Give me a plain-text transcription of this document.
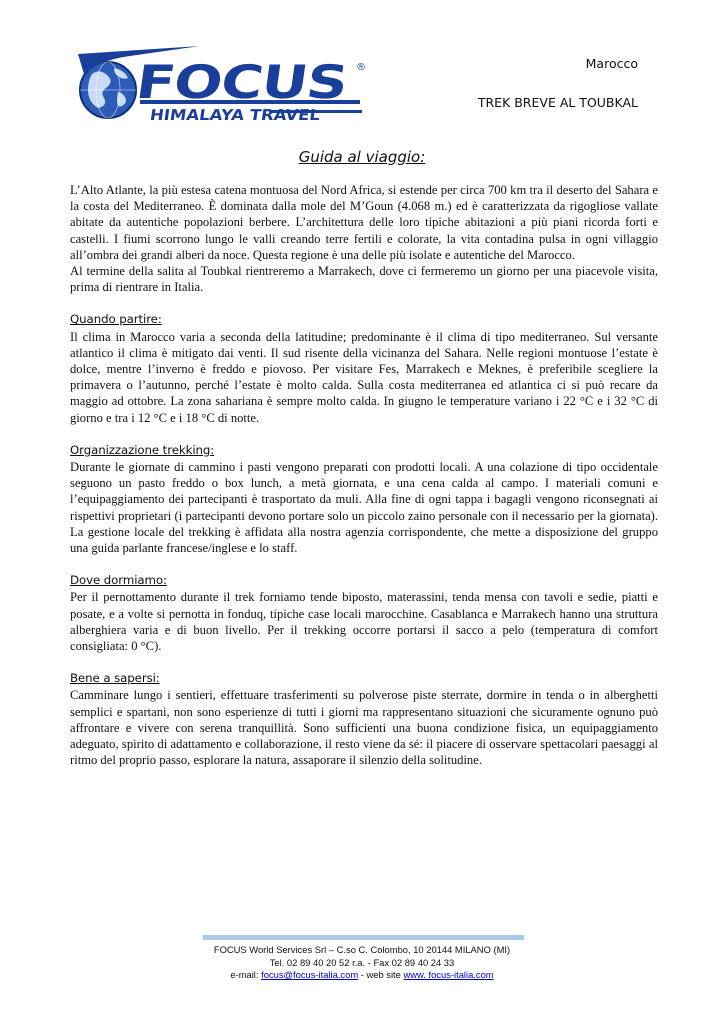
FOCUS	®
HIMALAYA TRAVEL
Marocco
TREK BREVE AL TOUBKAL
Guida al viaggio:

L’Alto Atlante, la più estesa catena montuosa del Nord Africa, si estende per circa 700 km tra il deserto del Sahara e la costa del Mediterraneo. È dominata dalla mole del M’Goun (4.068 m.) ed è caratterizzata da rigogliose vallate abitate da autentiche popolazioni berbere. L’architettura delle loro tipiche abitazioni a più piani ricorda forti e castelli. I fiumi scorrono lungo le valli creando terre fertili e colorate, la vita contadina pulsa in ogni villaggio all’ombra dei grandi alberi da noce. Questa regione è una delle più isolate e autentiche del Marocco.

Al termine della salita al Toubkal rientreremo a Marrakech, dove ci fermeremo un giorno per una piacevole visita, prima di rientrare in Italia.

Quando partire:

Il clima in Marocco varia a seconda della latitudine; predominante è il clima di tipo mediterraneo. Sul versante atlantico il clima è mitigato dai venti. Il sud risente della vicinanza del Sahara. Nelle regioni montuose l’estate è dolce, mentre l’inverno è freddo e piovoso. Per visitare Fes, Marrakech e Meknes, è preferibile scegliere la primavera o l’autunno, perché l’estate è molto calda. Sulla costa mediterranea ed atlantica ci si può recare da maggio ad ottobre. La zona sahariana è sempre molto calda. In giugno le temperature variano i 22 °C e i 32 °C di giorno e tra i 12 °C e i 18 °C di notte.

Organizzazione trekking:

Durante le giornate di cammino i pasti vengono preparati con prodotti locali. A una colazione di tipo occidentale seguono un pasto freddo o box lunch, a metà giornata, e una cena calda al campo. I materiali comuni e l’equipaggiamento dei partecipanti è trasportato da muli. Alla fine di ogni tappa i bagagli vengono riconsegnati ai rispettivi proprietari (i partecipanti devono portare solo un piccolo zaino personale con il necessario per la giornata). La gestione locale del trekking è affidata alla nostra agenzia corrispondente, che mette a disposizione del gruppo una guida parlante francese/inglese e lo staff.

Dove dormiamo:

Per il pernottamento durante il trek forniamo tende biposto, materassini, tenda mensa con tavoli e sedie, piatti e posate, e a volte si pernotta in fonduq, tipiche case locali marocchine. Casablanca e Marrakech hanno una struttura alberghiera varia e di buon livello. Per il trekking occorre portarsi il sacco a pelo (temperatura di comfort consigliata: 0 °C).

Bene a sapersi:

Camminare lungo i sentieri, effettuare trasferimenti su polverose piste sterrate, dormire in tenda o in alberghetti semplici e spartani, non sono esperienze di tutti i giorni ma rappresentano situazioni che sicuramente ognuno può affrontare e vivere con serena tranquillità. Sono sufficienti una buona condizione fisica, un equipaggiamento adeguato, spirito di adattamento e collaborazione, il resto viene da sé: il piacere di osservare spettacolari paesaggi al ritmo del proprio passo, esplorare la natura, assaporare il silenzio della solitudine.

FOCUS World Services Srl – C.so C. Colombo, 10 20144 MILANO (MI)
Tel. 02 89 40 20 52 r.a. - Fax 02 89 40 24 33
e-mail: focus@focus-italia.com - web site www. focus-italia.com
